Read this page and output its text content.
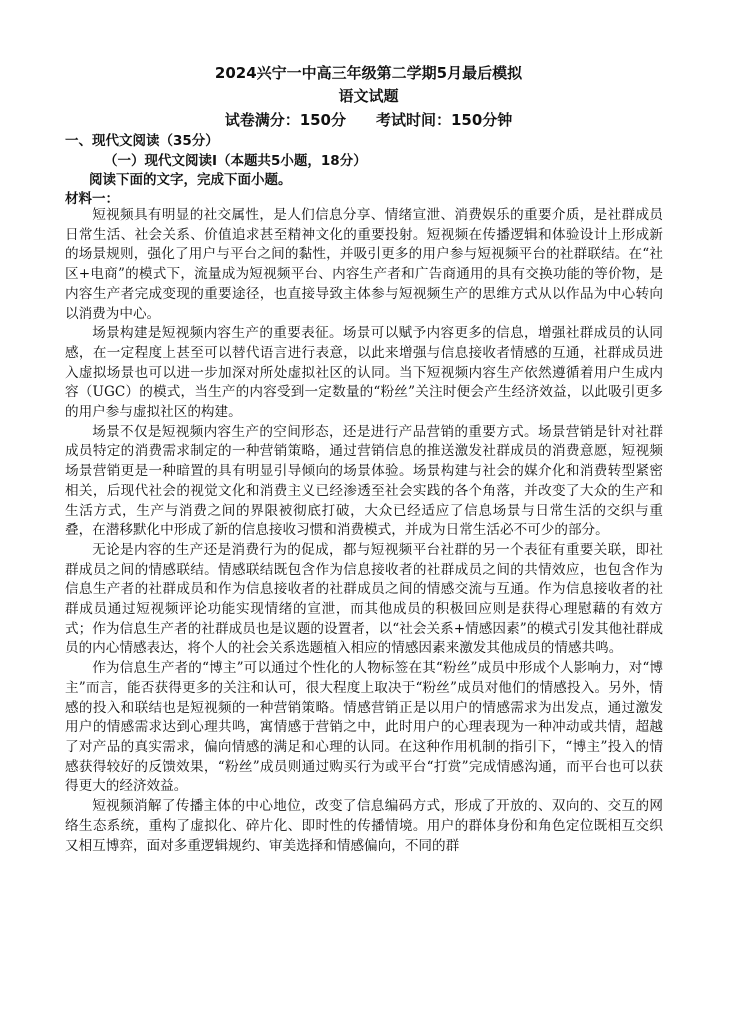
2024兴宁一中高三年级第二学期5月最后模拟
语文试题
试卷满分：150分　　考试时间：150分钟
一、现代文阅读（35分）
（一）现代文阅读Ⅰ（本题共5小题，18分）
阅读下面的文字，完成下面小题。
材料一：

短视频具有明显的社交属性，是人们信息分享、情绪宣泄、消费娱乐的重要介质，是社群成员日常生活、社会关系、价值追求甚至精神文化的重要投射。短视频在传播逻辑和体验设计上形成新的场景规则，强化了用户与平台之间的黏性，并吸引更多的用户参与短视频平台的社群联结。在“社区+电商”的模式下，流量成为短视频平台、内容生产者和广告商通用的具有交换功能的等价物，是内容生产者完成变现的重要途径，也直接导致主体参与短视频生产的思维方式从以作品为中心转向以消费为中心。

场景构建是短视频内容生产的重要表征。场景可以赋予内容更多的信息，增强社群成员的认同感，在一定程度上甚至可以替代语言进行表意，以此来增强与信息接收者情感的互通，社群成员进入虚拟场景也可以进一步加深对所处虚拟社区的认同。当下短视频内容生产依然遵循着用户生成内容（UGC）的模式，当生产的内容受到一定数量的“粉丝”关注时便会产生经济效益，以此吸引更多的用户参与虚拟社区的构建。

场景不仅是短视频内容生产的空间形态，还是进行产品营销的重要方式。场景营销是针对社群成员特定的消费需求制定的一种营销策略，通过营销信息的推送激发社群成员的消费意愿，短视频场景营销更是一种暗置的具有明显引导倾向的场景体验。场景构建与社会的媒介化和消费转型紧密相关，后现代社会的视觉文化和消费主义已经渗透至社会实践的各个角落，并改变了大众的生产和生活方式，生产与消费之间的界限被彻底打破，大众已经适应了信息场景与日常生活的交织与重叠，在潜移默化中形成了新的信息接收习惯和消费模式，并成为日常生活必不可少的部分。

无论是内容的生产还是消费行为的促成，都与短视频平台社群的另一个表征有重要关联，即社群成员之间的情感联结。情感联结既包含作为信息接收者的社群成员之间的共情效应，也包含作为信息生产者的社群成员和作为信息接收者的社群成员之间的情感交流与互通。作为信息接收者的社群成员通过短视频评论功能实现情绪的宣泄，而其他成员的积极回应则是获得心理慰藉的有效方式；作为信息生产者的社群成员也是议题的设置者，以“社会关系+情感因素”的模式引发其他社群成员的内心情感表达，将个人的社会关系选题植入相应的情感因素来激发其他成员的情感共鸣。

作为信息生产者的“博主”可以通过个性化的人物标签在其“粉丝”成员中形成个人影响力，对“博主”而言，能否获得更多的关注和认可，很大程度上取决于“粉丝”成员对他们的情感投入。另外，情感的投入和联结也是短视频的一种营销策略。情感营销正是以用户的情感需求为出发点，通过激发用户的情感需求达到心理共鸣，寓情感于营销之中，此时用户的心理表现为一种冲动或共情，超越了对产品的真实需求，偏向情感的满足和心理的认同。在这种作用机制的指引下，“博主”投入的情感获得较好的反馈效果，“粉丝”成员则通过购买行为或平台“打赏”完成情感沟通，而平台也可以获得更大的经济效益。

短视频消解了传播主体的中心地位，改变了信息编码方式，形成了开放的、双向的、交互的网络生态系统，重构了虚拟化、碎片化、即时性的传播情境。用户的群体身份和角色定位既相互交织又相互博弈，面对多重逻辑规约、审美选择和情感偏向，不同的群
